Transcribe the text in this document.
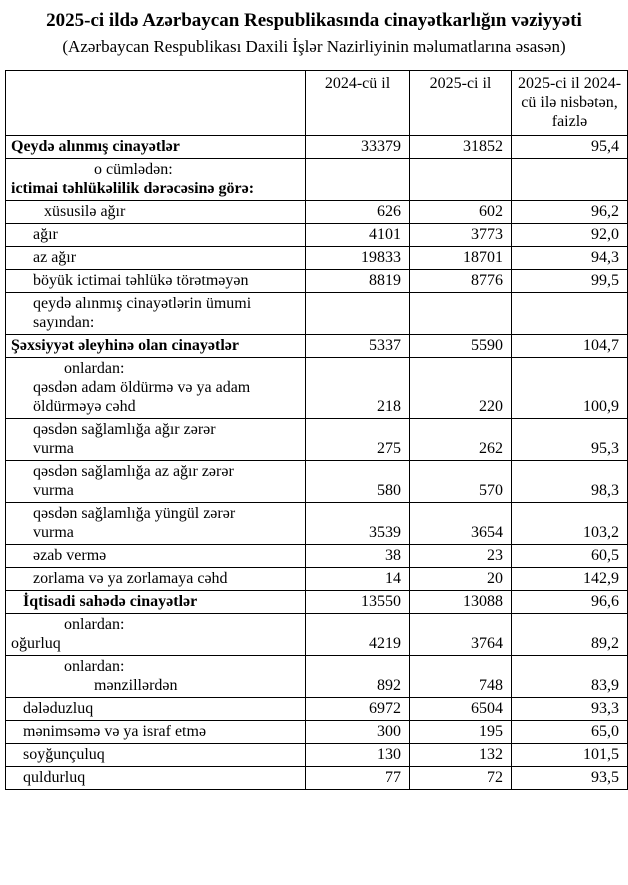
2025-ci ildə Azərbaycan Respublikasında cinayətkarlığın vəziyyəti
(Azərbaycan Respublikası Daxili İşlər Nazirliyinin məlumatlarına əsasən)
	2024-cü il	2025-ci il	2025-ci il 2024-cü ilə nisbətən, faizlə

Qeydə alınmış cinayətlər	33379	31852	95,4

o cümlədən:
ictimai təhlükəlilik dərəcəsinə görə:			

xüsusilə ağır	626	602	96,2

ağır	4101	3773	92,0

az ağır	19833	18701	94,3

böyük ictimai təhlükə törətməyən	8819	8776	99,5

qeydə alınmış cinayətlərin ümumi
sayından:			

Şəxsiyyət əleyhinə olan cinayətlər	5337	5590	104,7

onlardan:
qəsdən adam öldürmə və ya adam
öldürməyə cəhd	218	220	100,9

qəsdən sağlamlığa ağır zərər
vurma	275	262	95,3

qəsdən sağlamlığa az ağır zərər
vurma	580	570	98,3

qəsdən sağlamlığa yüngül zərər
vurma	3539	3654	103,2

əzab vermə	38	23	60,5

zorlama və ya zorlamaya cəhd	14	20	142,9

İqtisadi sahədə cinayətlər	13550	13088	96,6

onlardan:
oğurluq	4219	3764	89,2

onlardan:
mənzillərdən	892	748	83,9

dələduzluq	6972	6504	93,3

mənimsəmə və ya israf etmə	300	195	65,0

soyğunçuluq	130	132	101,5

quldurluq	77	72	93,5
